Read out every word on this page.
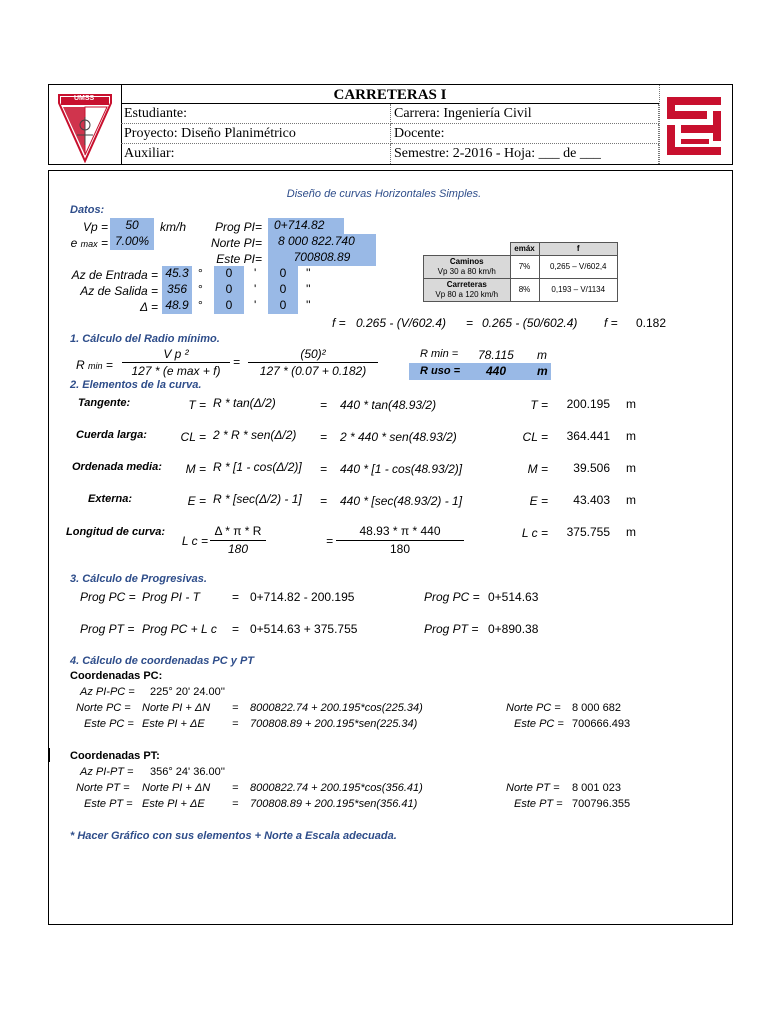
UMSS	CARRETERAS I
Estudiante:	Carrera: Ingeniería Civil
Proyecto: Diseño Planimétrico	Docente:
Auxiliar:	Semestre: 2-2016 - Hoja: ___ de ___
Diseño de curvas Horizontales Simples.
Datos:
Vp =	50	km/h
e max = 7.00%
Prog PI=	0+714.82
Norte PI=	8 000 822.740
Este PI=	700808.89
Az de Entrada = 45.3 °	0	'	0	''
Az de Salida = 356 °	0	'	0	''
Δ = 48.9 °	0	'	0	''
	emáx	f
Caminos
Vp 30 a 80 km/h	7%	0,265 – V/602,4
Carreteras
Vp 80 a 120 km/h	8%	0,193 – V/1134
f = 0.265 - (V/602.4) = 0.265 - (50/602.4) f = 0.182
1. Cálculo del Radio mínimo.
R min =
V p ²
127 * (e max + f)
=
(50)²
127 * (0.07 + 0.182)
R min = 78.115 m
R uso = 440	m
2. Elementos de la curva.
Tangente:	T = R * tan(Δ/2)	= 440 * tan(48.93/2)	T =	200.195 m
Cuerda larga:	CL = 2 * R * sen(Δ/2) = 2 * 440 * sen(48.93/2)	CL =	364.441 m
Ordenada media:	M = R * [1 - cos(Δ/2)] = 440 * [1 - cos(48.93/2)]	M =	39.506 m
Externa:	E = R * [sec(Δ/2) - 1] = 440 * [sec(48.93/2) - 1]	E =	43.403 m
Longitud de curva:
L c =
Δ * π * R
180
=
48.93 * π * 440
180
L c =	375.755 m
3. Cálculo de Progresivas.
Prog PC = Prog PI - T	= 0+714.82 - 200.195	Prog PC = 0+514.63
Prog PT = Prog PC + L c = 0+514.63 + 375.755	Prog PT = 0+890.38
4. Cálculo de coordenadas PC y PT
Coordenadas PC:
Az PI-PC = 225° 20' 24.00''
Norte PC = Norte PI + ΔN = 8000822.74 + 200.195*cos(225.34)	Norte PC = 8 000 682
Este PC = Este PI + ΔE = 700808.89 + 200.195*sen(225.34)	Este PC = 700666.493
Coordenadas PT:
Az PI-PT = 356° 24' 36.00''
Norte PT = Norte PI + ΔN = 8000822.74 + 200.195*cos(356.41)	Norte PT = 8 001 023
Este PT = Este PI + ΔE = 700808.89 + 200.195*sen(356.41)	Este PT = 700796.355
* Hacer Gráfico con sus elementos + Norte a Escala adecuada.
